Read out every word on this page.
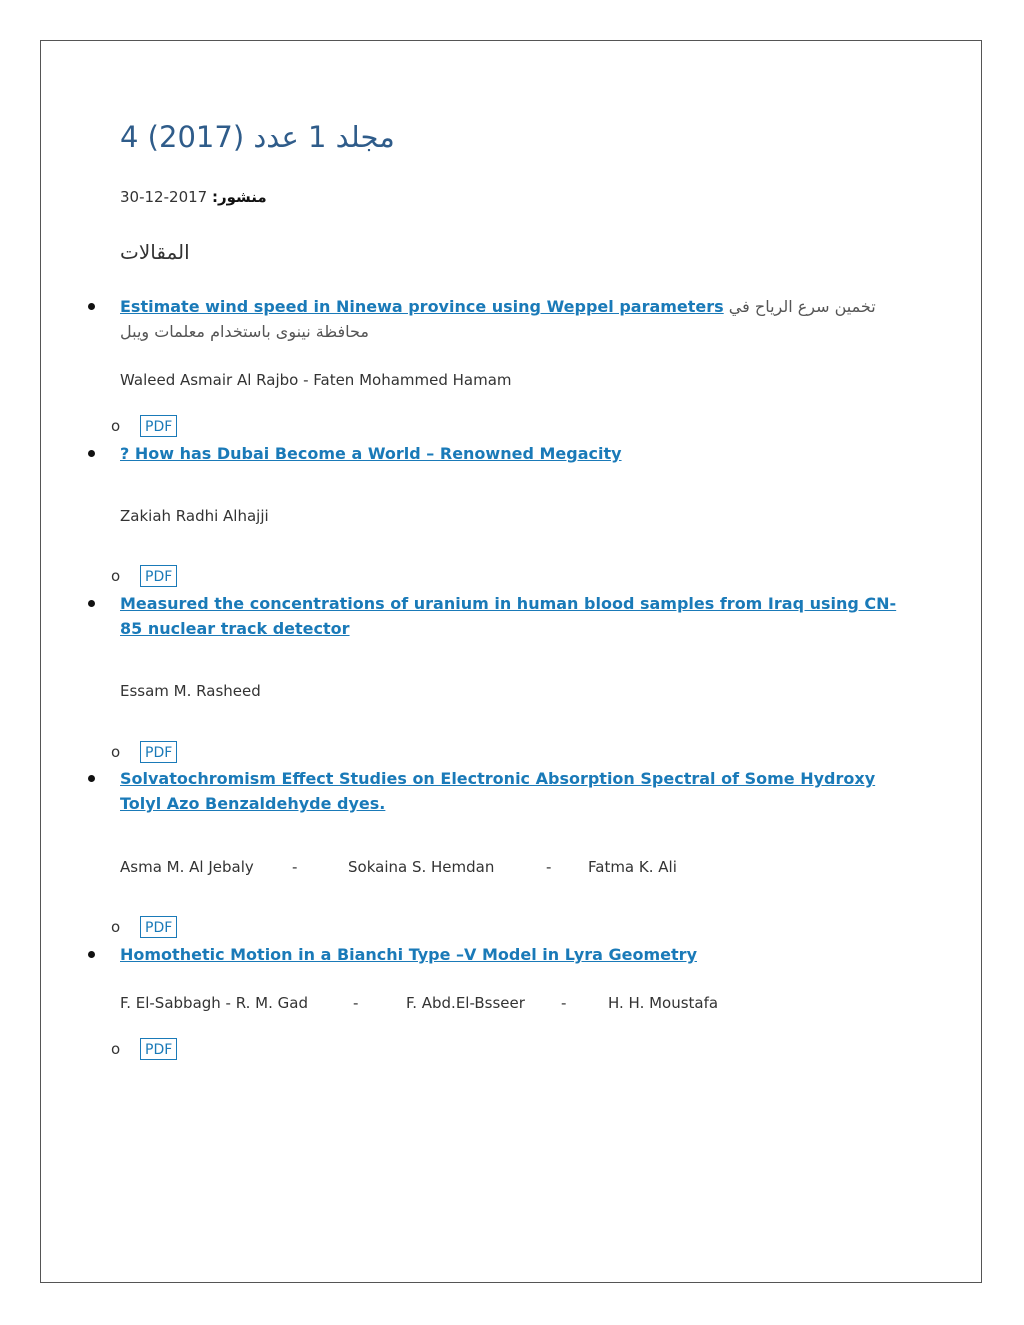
4 مجلد 1 عدد (2017)
منشور: 2017-12-30
المقالات
Estimate wind speed in Ninewa province using Weppel parameters تخمين سرع الرياح في محافظة نينوى باستخدام معلمات ويبل
Waleed Asmair Al Rajbo - Faten Mohammed Hamam
o	PDF
? How has Dubai Become a World – Renowned Megacity
Zakiah Radhi Alhajji
o	PDF
Measured the concentrations of uranium in human blood samples from Iraq using CN-85 nuclear track detector
Essam M. Rasheed
o	PDF
Solvatochromism Effect Studies on Electronic Absorption Spectral of Some Hydroxy Tolyl Azo Benzaldehyde dyes.
Asma M. Al Jebaly	-	Sokaina S. Hemdan	- Fatma K. Ali
o	PDF
Homothetic Motion in a Bianchi Type –V Model in Lyra Geometry
F. El-Sabbagh - R. M. Gad	-	F. Abd.El-Bsseer -	H. H. Moustafa
o	PDF
